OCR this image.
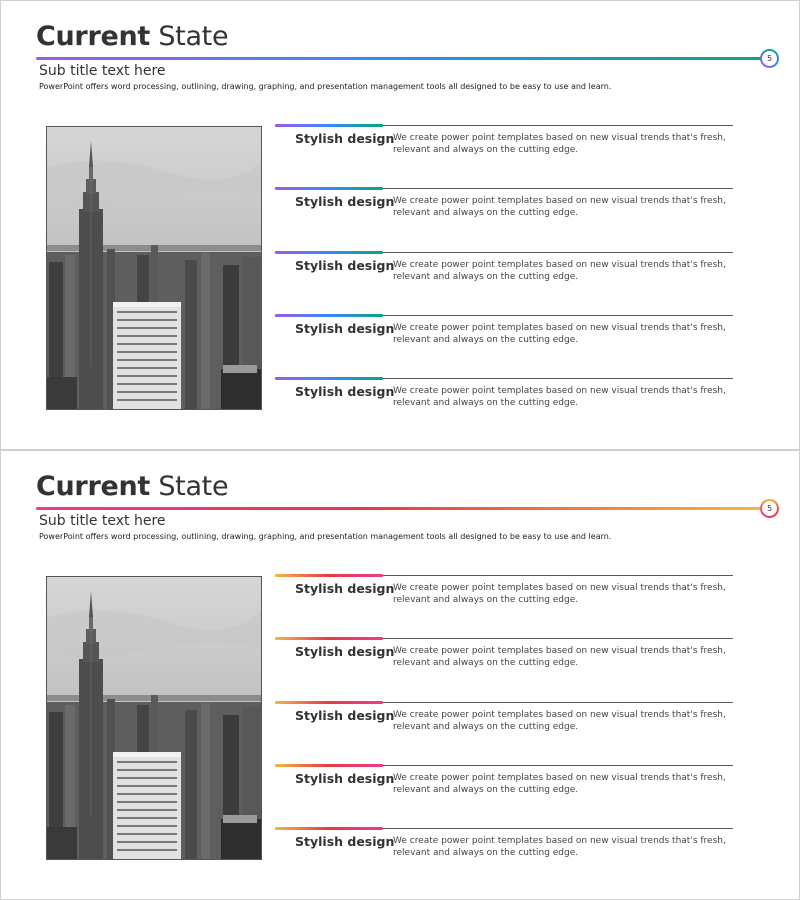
Current State
5
Sub title text here
PowerPoint offers word processing, outlining, drawing, graphing, and presentation management tools all designed to be easy to use and learn.
Stylish design
We create power point templates based on new visual trends that's fresh, relevant and always on the cutting edge.
Stylish design
We create power point templates based on new visual trends that's fresh, relevant and always on the cutting edge.
Stylish design
We create power point templates based on new visual trends that's fresh, relevant and always on the cutting edge.
Stylish design
We create power point templates based on new visual trends that's fresh, relevant and always on the cutting edge.
Stylish design
We create power point templates based on new visual trends that's fresh, relevant and always on the cutting edge.
Current State
5
Sub title text here
PowerPoint offers word processing, outlining, drawing, graphing, and presentation management tools all designed to be easy to use and learn.
Stylish design
We create power point templates based on new visual trends that's fresh, relevant and always on the cutting edge.
Stylish design
We create power point templates based on new visual trends that's fresh, relevant and always on the cutting edge.
Stylish design
We create power point templates based on new visual trends that's fresh, relevant and always on the cutting edge.
Stylish design
We create power point templates based on new visual trends that's fresh, relevant and always on the cutting edge.
Stylish design
We create power point templates based on new visual trends that's fresh, relevant and always on the cutting edge.
